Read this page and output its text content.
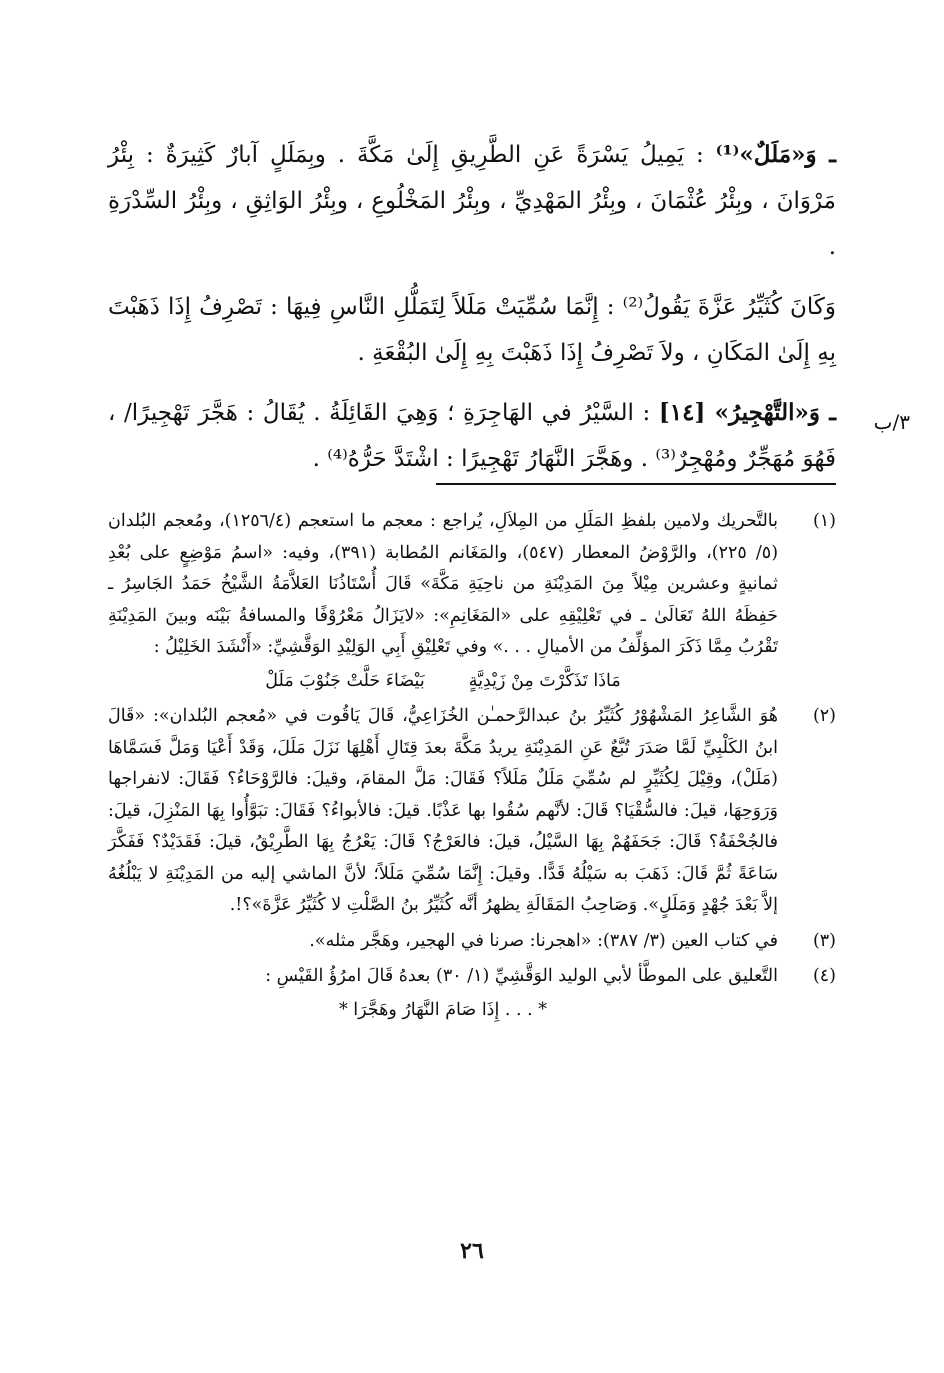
ـ وَ«مَلَلٌ»⁽¹⁾ : يَمِيلُ يَسْرَةً عَنِ الطَّرِيقِ إِلَىٰ مَكَّةَ . وبِمَلَلٍ آبارٌ كَثِيرَةٌ : بِئْرُ مَرْوَانَ ، وبِئْرُ عُثْمَانَ ، وبِئْرُ المَهْدِيِّ ، وبِئْرُ المَخْلُوعِ ، وبِئْرُ الوَاثِقِ ، وبِئْرُ السِّدْرَةِ .

وَكَانَ كُثَيِّرُ عَزَّةَ يَقُولُ⁽²⁾ : إِنَّمَا سُمِّيَتْ مَلَلاً لِتَمَلُّلِ النَّاسِ فِيهَا : تَصْرِفُ إِذَا ذَهَبْتَ بِهِ إِلَىٰ المَكَانِ ، ولاَ تَصْرِفُ إِذَا ذَهَبْتَ بِهِ إِلَىٰ البُقْعَةِ .

ـ وَ«التَّهْجِيرُ» [١٤] : السَّيْرُ في الهَاجِرَةِ ؛ وَهِيَ القَائِلَةُ . يُقَالُ : هَجَّرَ تَهْجِيرًا/ ، فَهُوَ مُهَجِّرٌ ومُهْجِرٌ⁽³⁾ . وهَجَّرَ النَّهَارُ تَهْجِيرًا : اشْتَدَّ حَرُّهُ⁽⁴⁾ .

٣/ب
(١)

بالتَّحريك ولامين بلفظِ المَلَلِ من المِلاَلِ، يُراجع : معجم ما استعجم (١٢٥٦/٤)، ومُعجم البُلدان (٥/ ٢٢٥)، والرَّوْضُ المعطار (٥٤٧)، والمَغَانم المُطابة (٣٩١)، وفيه: «اسمُ مَوْضِعٍ على بُعْدِ ثمانيةٍ وعشرين مِيْلاً مِنَ المَدِيْنَةِ من ناحِيَةِ مَكَّةَ» قَالَ أُسْتَاذُنَا العَلاَّمَةُ الشَّيْخُ حَمَدُ الجَاسِرُ ـ حَفِظَهُ اللهُ تَعَالَىٰ ـ في تَعْلِيْقِهِ على «المَغَانِمِ»: «لايَزَالُ مَعْرُوْفًا والمسافةُ بَيْنَه وبينَ المَدِيْنَةِ تَقْرُبُ مِمَّا ذَكَرَ المؤلِّفُ من الأميالِ . . .» وفي تَعْلِيْقِ أَبِي الوَلِيْدِ الوَقَّشِيِّ: «أَنْشَدَ الخَلِيْلُ :

مَاذَا تَذَكَّرْتَ مِنْ زَيْدِيَّةٍ
بَيْضَاءَ حَلَّتْ جَنُوْبَ مَلَلْ
(٢)

هُوَ الشَّاعِرُ المَشْهُوْرُ كُثَيِّرُ بنُ عبدالرَّحمـٰن الخُزَاعِيُّ، قَالَ يَاقُوت في «مُعجم البُلدان»: «قَالَ ابنُ الكَلْبِيِّ لَمَّا صَدَرَ تُبَّعٌ عَنِ المَدِيْنَةِ يريدُ مَكَّةَ بعدَ قِتَالِ أَهْلِهَا نَزَلَ مَلَلَ، وَقَدْ أَعْيَا وَمَلَّ فَسَمَّاهَا (مَلَلْ)، وقِيْلَ لِكُثَيِّرٍ لم سُمِّيَ مَلَلٌ مَلَلاً؟ فَقَالَ: مَلَّ المقامَ، وقيلَ: فالرَّوْحَاءُ؟ فَقَالَ: لانفراجها وَرَوَحِهَا، قيلَ: فالسُّقْيَا؟ قَالَ: لأنَّهم سُقُوا بها عَذْبًا. قيلَ: فالأبواءُ؟ فَقَالَ: تبَوَّأُوا بِهَا المَنْزِلَ، قيلَ: فالجُحْفَةُ؟ قَالَ: جَحَفَهُمْ بِهَا السَّيْلُ، قيلَ: فالعَرْجُ؟ قَالَ: يَعْرُجُ بِهَا الطَّرِيْقُ، قيلَ: فَقَدَيْدٌ؟ فَفَكَّرَ سَاعَةً ثُمَّ قَالَ: ذَهَبَ به سَيْلُهُ قَدًّا. وقيلَ: إِنَّمَا سُمِّيَ مَلَلاً؛ لأنَّ الماشي إليه من المَدِيْنَةِ لا يَبْلُغُهُ إلاَّ بَعْدَ جُهْدٍ وَمَلَلٍ». وَصَاحِبُ المَقَالَةِ يظهرُ أنَّه كُثَيِّرُ بنُ الصَّلْتِ لا كُثَيِّرُ عَزَّةَ»؟!.

(٣)

في كتاب العين (٣/ ٣٨٧): «اهجرنا: صرنا في الهجير، وهَجَّر مثله».

(٤)

التَّعليق على الموطَّأ لأبي الوليد الوَقَّشِيِّ (١/ ٣٠) بعدهُ قَالَ امرُؤُ القَيْسِ :

* . . . إِذَا صَامَ النَّهَارُ وهَجَّرَا *
٢٦
